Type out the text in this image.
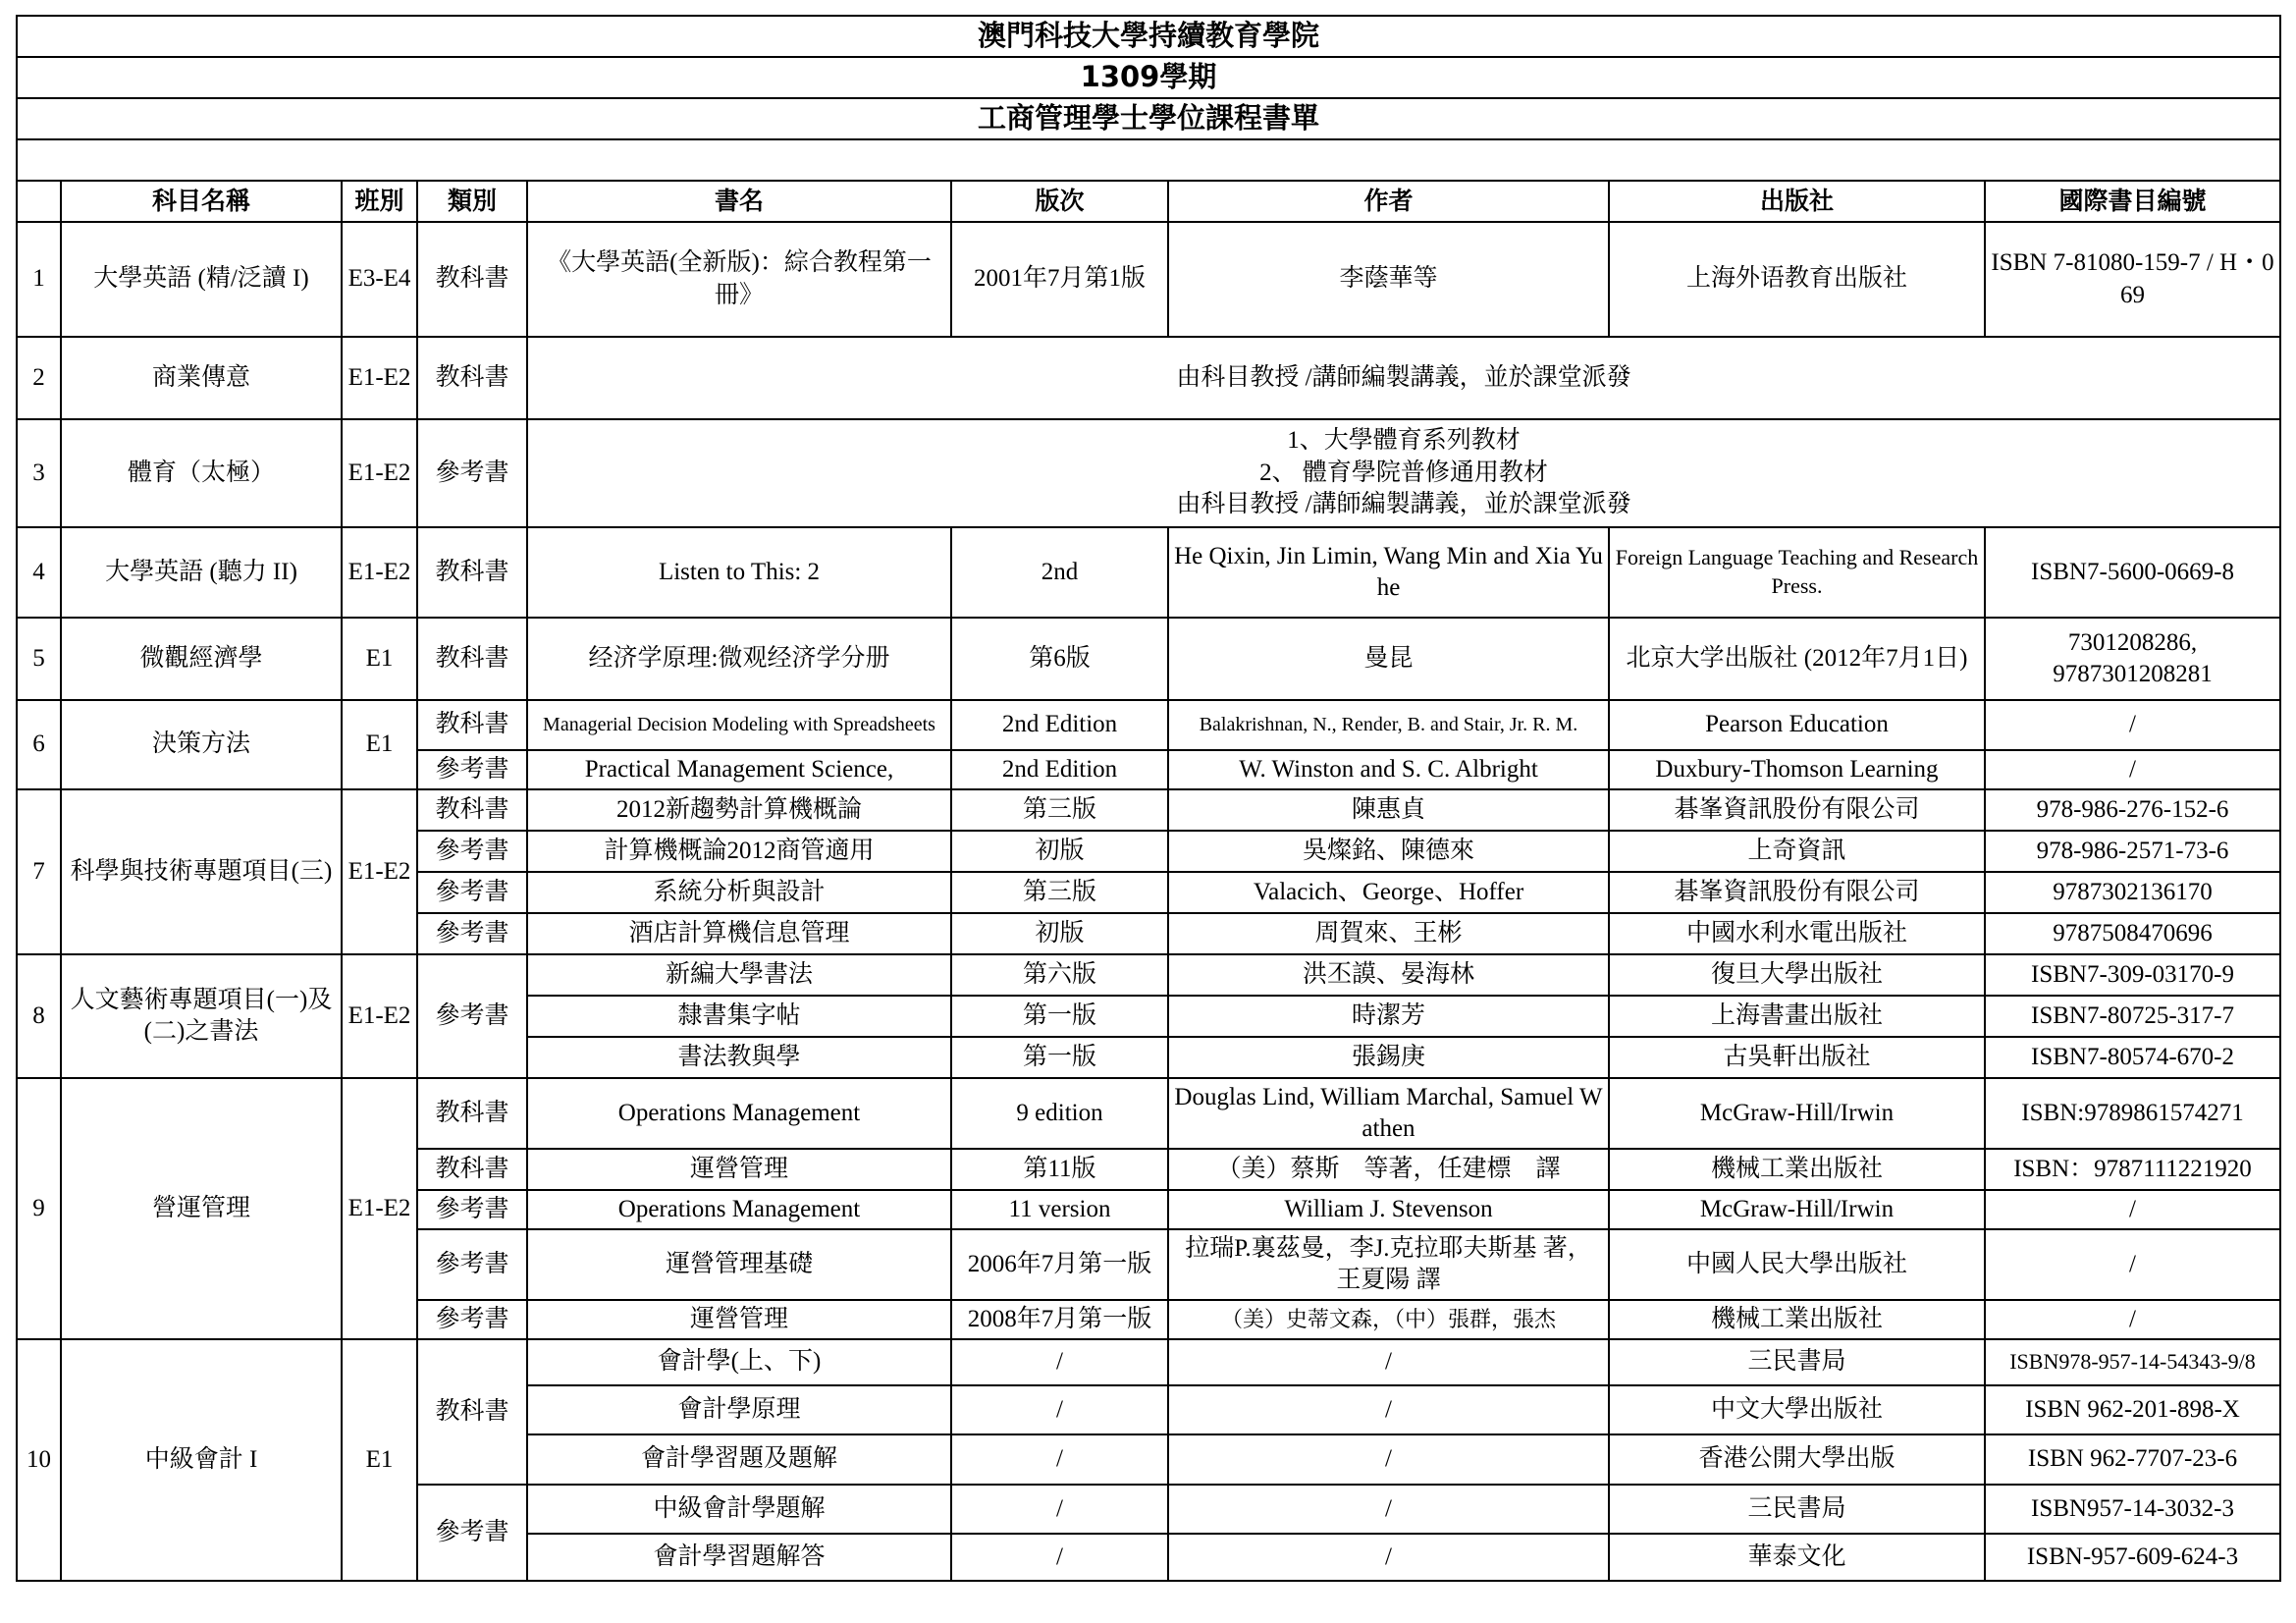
澳門科技大學持續教育學院								
1309學期								
工商管理學士學位課程書單								

	科目名稱	班別	類別	書名	版次	作者	出版社	國際書目編號
1	大學英語 (精/泛讀 I)	E3-E4	教科書	《大學英語(全新版)：綜合教程第一冊》	2001年7月第1版	李蔭華等	上海外语教育出版社	ISBN 7-81080-159-7 / H・069
2	商業傳意	E1-E2	教科書	由科目教授 /講師編製講義，並於課堂派發				
3	體育（太極）	E1-E2	參考書	1、大學體育系列教材
2、 體育學院普修通用教材
由科目教授 /講師編製講義，並於課堂派發				
4	大學英語 (聽力 II)	E1-E2	教科書	Listen to This: 2	2nd	He Qixin, Jin Limin, Wang Min and Xia Yuhe	Foreign Language Teaching and Research Press.	ISBN7-5600-0669-8
5	微觀經濟學	E1	教科書	经济学原理:微观经济学分册	第6版	曼昆	北京大学出版社 (2012年7月1日)	7301208286,
9787301208281
6	決策方法	E1	教科書	Managerial Decision Modeling with Spreadsheets	2nd Edition	Balakrishnan, N., Render, B. and Stair, Jr. R. M.	Pearson Education	/
			參考書	Practical Management Science,	2nd Edition	W. Winston and S. C. Albright	Duxbury-Thomson Learning	/
7	科學與技術專題項目(三)	E1-E2	教科書	2012新趨勢計算機概論	第三版	陳惠貞	碁峯資訊股份有限公司	978-986-276-152-6
			參考書	計算機概論2012商管適用	初版	吳燦銘、陳德來	上奇資訊	978-986-2571-73-6
			參考書	系統分析與設計	第三版	Valacich、George、Hoffer	碁峯資訊股份有限公司	9787302136170
			參考書	酒店計算機信息管理	初版	周賀來、王彬	中國水利水電出版社	9787508470696
8	人文藝術專題項目(一)及(二)之書法	E1-E2	參考書	新編大學書法	第六版	洪丕謨、晏海林	復旦大學出版社	ISBN7-309-03170-9
				隸書集字帖	第一版	時潔芳	上海書畫出版社	ISBN7-80725-317-7
				書法教與學	第一版	張錫庚	古吳軒出版社	ISBN7-80574-670-2
9	營運管理	E1-E2	教科書	Operations Management	9 edition	Douglas Lind, William Marchal, Samuel Wathen	McGraw-Hill/Irwin	ISBN:9789861574271
			教科書	運營管理	第11版	（美）蔡斯　等著，任建標　譯	機械工業出版社	ISBN：9787111221920
			參考書	Operations Management	11 version	William J. Stevenson	McGraw-Hill/Irwin	/
			參考書	運營管理基礎	2006年7月第一版	拉瑞P.裏茲曼，李J.克拉耶夫斯基 著，王夏陽 譯	中國人民大學出版社	/
			參考書	運營管理	2008年7月第一版	（美）史蒂文森，（中）張群，張杰	機械工業出版社	/
10	中級會計 I	E1	教科書	會計學(上、下)	/	/	三民書局	ISBN978-957-14-54343-9/8
				會計學原理	/	/	中文大學出版社	ISBN 962-201-898-X
				會計學習題及題解	/	/	香港公開大學出版	ISBN 962-7707-23-6
			參考書	中級會計學題解	/	/	三民書局	ISBN957-14-3032-3
				會計學習題解答	/	/	華泰文化	ISBN-957-609-624-3
